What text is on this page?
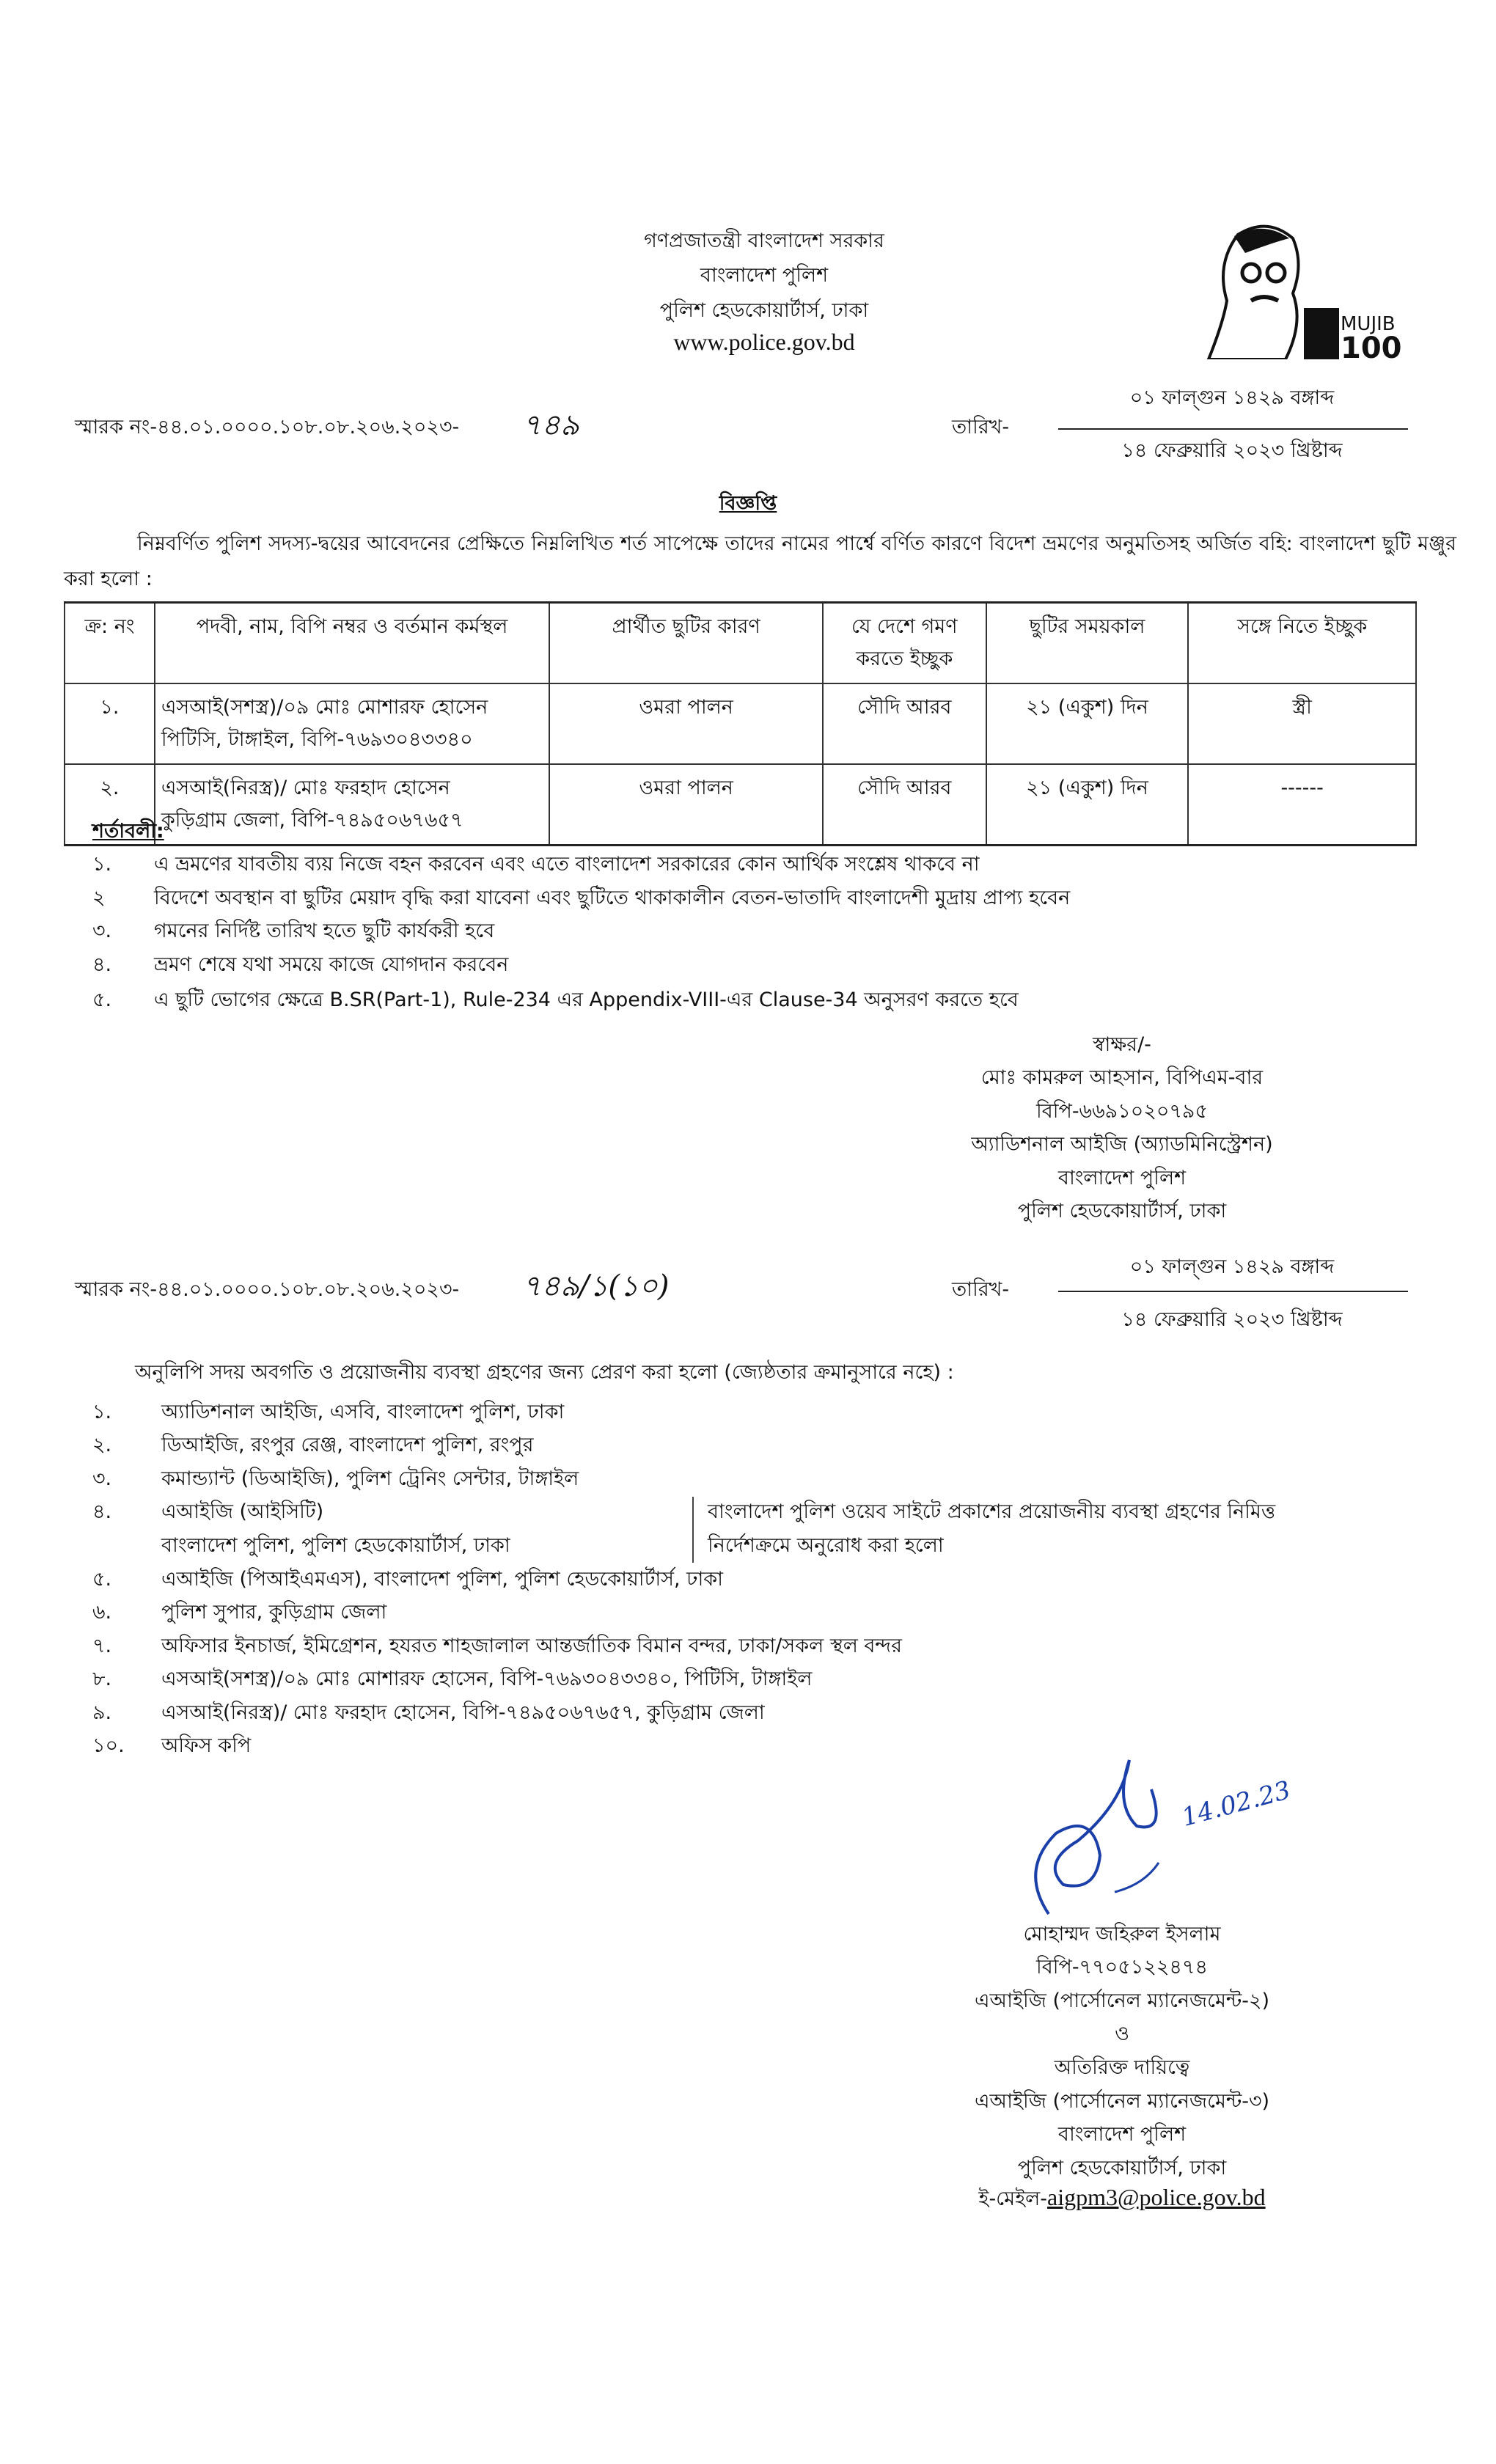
গণপ্রজাতন্ত্রী বাংলাদেশ সরকার
বাংলাদেশ পুলিশ
পুলিশ হেডকোয়ার্টার্স, ঢাকা
www.police.gov.bd
MUJIB
100
স্মারক নং-৪৪.০১.০০০০.১০৮.০৮.২০৬.২০২৩- ৭৪৯	তারিখ-
০১ ফাল্গুন ১৪২৯ বঙ্গাব্দ
১৪ ফেব্রুয়ারি ২০২৩ খ্রিষ্টাব্দ
বিজ্ঞপ্তি
নিম্নবর্ণিত পুলিশ সদস্য-দ্বয়ের আবেদনের প্রেক্ষিতে নিম্নলিখিত শর্ত সাপেক্ষে তাদের নামের পার্শ্বে বর্ণিত কারণে বিদেশ ভ্রমণের অনুমতিসহ অর্জিত বহি: বাংলাদেশ ছুটি মঞ্জুর করা হলো :
ক্র: নং	পদবী, নাম, বিপি নম্বর ও বর্তমান কর্মস্থল	প্রার্থীত ছুটির কারণ	যে দেশে গমণ করতে ইচ্ছুক	ছুটির সময়কাল	সঙ্গে নিতে ইচ্ছুক
১.	এসআই(সশস্ত্র)/০৯ মোঃ মোশারফ হোসেন
পিটিসি, টাঙ্গাইল, বিপি-৭৬৯৩০৪৩৩৪০	ওমরা পালন	সৌদি আরব	২১ (একুশ) দিন	স্ত্রী
২.	এসআই(নিরস্ত্র)/ মোঃ ফরহাদ হোসেন
কুড়িগ্রাম জেলা, বিপি-৭৪৯৫০৬৭৬৫৭	ওমরা পালন	সৌদি আরব	২১ (একুশ) দিন	------
শর্তাবলী:
১. এ ভ্রমণের যাবতীয় ব্যয় নিজে বহন করবেন এবং এতে বাংলাদেশ সরকারের কোন আর্থিক সংশ্লেষ থাকবে না
২ বিদেশে অবস্থান বা ছুটির মেয়াদ বৃদ্ধি করা যাবেনা এবং ছুটিতে থাকাকালীন বেতন-ভাতাদি বাংলাদেশী মুদ্রায় প্রাপ্য হবেন
৩. গমনের নির্দিষ্ট তারিখ হতে ছুটি কার্যকরী হবে
৪. ভ্রমণ শেষে যথা সময়ে কাজে যোগদান করবেন
৫. এ ছুটি ভোগের ক্ষেত্রে B.SR(Part-1), Rule-234 এর Appendix-VIII-এর Clause-34 অনুসরণ করতে হবে
স্বাক্ষর/-
মোঃ কামরুল আহসান, বিপিএম-বার
বিপি-৬৬৯১০২০৭৯৫
অ্যাডিশনাল আইজি (অ্যাডমিনিস্ট্রেশন)
বাংলাদেশ পুলিশ
পুলিশ হেডকোয়ার্টার্স, ঢাকা
স্মারক নং-৪৪.০১.০০০০.১০৮.০৮.২০৬.২০২৩- ৭৪৯/১(১০)	তারিখ-
০১ ফাল্গুন ১৪২৯ বঙ্গাব্দ
১৪ ফেব্রুয়ারি ২০২৩ খ্রিষ্টাব্দ
অনুলিপি সদয় অবগতি ও প্রয়োজনীয় ব্যবস্থা গ্রহণের জন্য প্রেরণ করা হলো (জ্যেষ্ঠতার ক্রমানুসারে নহে) :
১.	অ্যাডিশনাল আইজি, এসবি, বাংলাদেশ পুলিশ, ঢাকা
২.	ডিআইজি, রংপুর রেঞ্জ, বাংলাদেশ পুলিশ, রংপুর
৩.	কমান্ড্যান্ট (ডিআইজি), পুলিশ ট্রেনিং সেন্টার, টাঙ্গাইল
৪.	এআইজি (আইসিটি)
বাংলাদেশ পুলিশ, পুলিশ হেডকোয়ার্টার্স, ঢাকা
বাংলাদেশ পুলিশ ওয়েব সাইটে প্রকাশের প্রয়োজনীয় ব্যবস্থা গ্রহণের নিমিত্ত
নির্দেশক্রমে অনুরোধ করা হলো
৫.	এআইজি (পিআইএমএস), বাংলাদেশ পুলিশ, পুলিশ হেডকোয়ার্টার্স, ঢাকা
৬.	পুলিশ সুপার, কুড়িগ্রাম জেলা
৭.	অফিসার ইনচার্জ, ইমিগ্রেশন, হযরত শাহজালাল আন্তর্জাতিক বিমান বন্দর, ঢাকা/সকল স্থল বন্দর
৮.	এসআই(সশস্ত্র)/০৯ মোঃ মোশারফ হোসেন, বিপি-৭৬৯৩০৪৩৩৪০, পিটিসি, টাঙ্গাইল
৯.	এসআই(নিরস্ত্র)/ মোঃ ফরহাদ হোসেন, বিপি-৭৪৯৫০৬৭৬৫৭, কুড়িগ্রাম জেলা
১০. অফিস কপি
14.02.23
মোহাম্মদ জহিরুল ইসলাম
বিপি-৭৭০৫১২২৪৭৪
এআইজি (পার্সোনেল ম্যানেজমেন্ট-২)
ও
অতিরিক্ত দায়িত্বে
এআইজি (পার্সোনেল ম্যানেজমেন্ট-৩)
বাংলাদেশ পুলিশ
পুলিশ হেডকোয়ার্টার্স, ঢাকা
ই-মেইল-aigpm3@police.gov.bd
